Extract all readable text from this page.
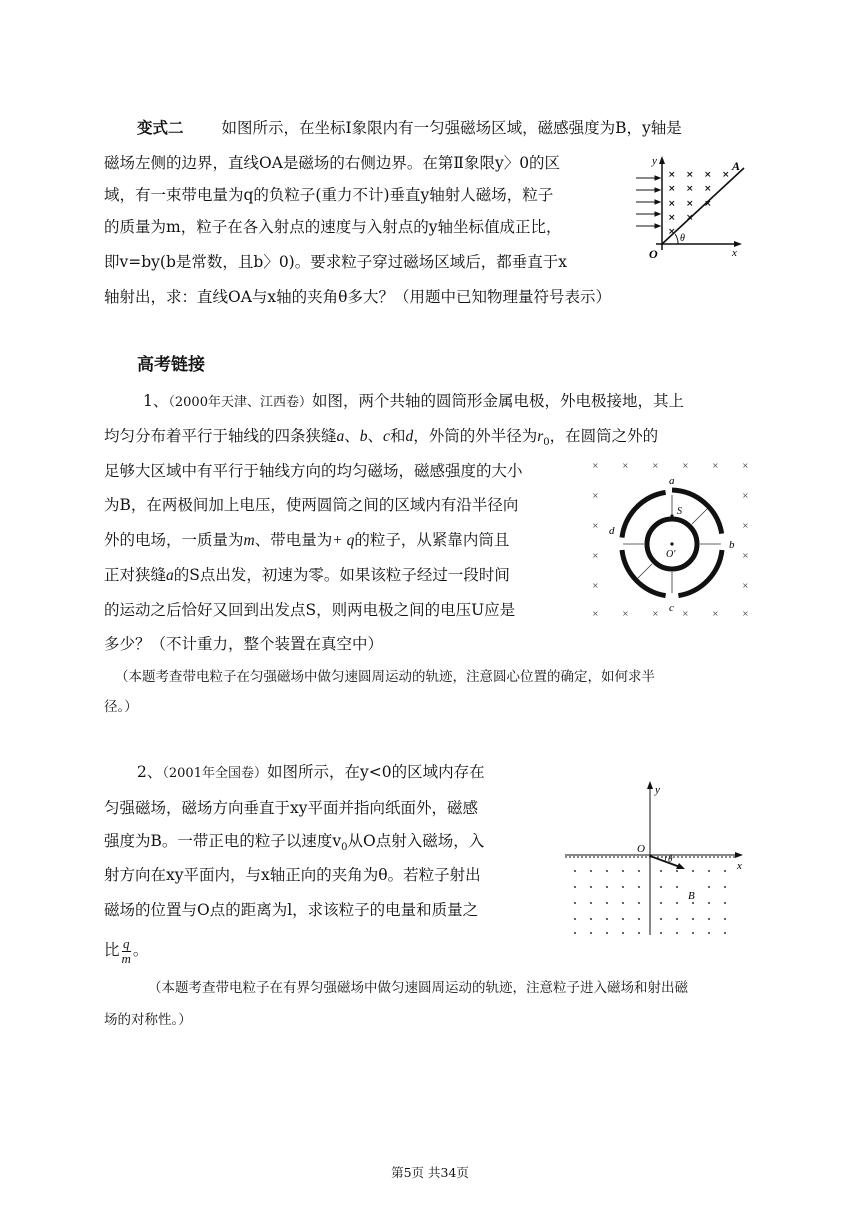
变式二 如图所示，在坐标Ⅰ象限内有一匀强磁场区域，磁感强度为B，y轴是
磁场左侧的边界，直线OA是磁场的右侧边界。在第Ⅱ象限y〉0的区
域，有一束带电量为q的负粒子(重力不计)垂直y轴射人磁场，粒子
的质量为m，粒子在各入射点的速度与入射点的y轴坐标值成正比，
即v=by(b是常数，且b〉0)。要求粒子穿过磁场区域后，都垂直于x
轴射出，求：直线OA与x轴的夹角θ多大？（用题中已知物理量符号表示）
× × × ×
× × ×
× × ×
× ×
×
y	A
O	x
θ
高考链接
1、（2000年天津、江西卷）如图，两个共轴的圆筒形金属电极，外电极接地，其上
均匀分布着平行于轴线的四条狭缝a、b、c和d，外筒的外半径为$r_0$，在圆筒之外的
足够大区域中有平行于轴线方向的均匀磁场，磁感强度的大小
为B，在两极间加上电压，使两圆筒之间的区域内有沿半径向
外的电场，一质量为m、带电量为+ q的粒子，从紧靠内筒且
正对狭缝a的S点出发，初速为零。如果该粒子经过一段时间
的运动之后恰好又回到出发点S，则两电极之间的电压U应是
多少？（不计重力，整个装置在真空中）
（本题考查带电粒子在匀强磁场中做匀速圆周运动的轨迹，注意圆心位置的确定，如何求半
径。）
×	×	×	×	×	×
×	×
×	×
×	×
×	×
×	×	×	×	×	×
a
b
c
d
S
O'
2、（2001年全国卷）如图所示，在y<0的区域内存在
匀强磁场，磁场方向垂直于xy平面并指向纸面外，磁感
强度为B。一带正电的粒子以速度$v_0$从O点射入磁场，入
射方向在xy平面内，与x轴正向的夹角为θ。若粒子射出
磁场的位置与O点的距离为l，求该粒子的电量和质量之
比 $\frac{q}{m}$ 。
（本题考查带电粒子在有界匀强磁场中做匀速圆周运动的轨迹，注意粒子进入磁场和射出磁
场的对称性。）
y
O
x
θ
B
第5页 共34页
